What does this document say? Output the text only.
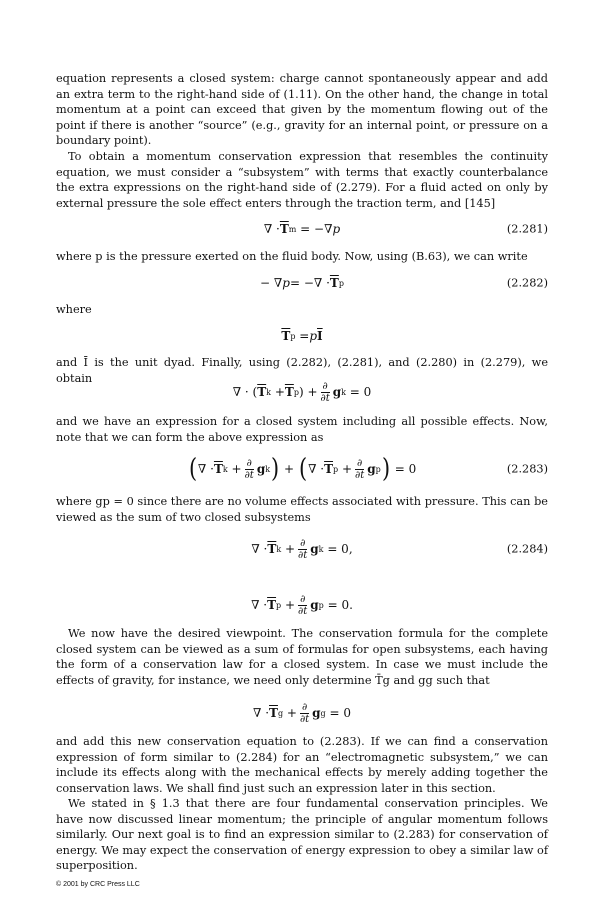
equation represents a closed system: charge cannot spontaneously appear and add an extra term to the right-hand side of (1.11). On the other hand, the change in total momentum at a point can exceed that given by the momentum flowing out of the point if there is another “source” (e.g., gravity for an internal point, or pressure on a boundary point).

To obtain a momentum conservation expression that resembles the continuity equation, we must consider a “subsystem” with terms that exactly counterbalance the extra expressions on the right-hand side of (2.279). For a fluid acted on only by external pressure the sole effect enters through the traction term, and [145]

∇ · $\overline{T}$ m = −∇ p	(2.281)

where p is the pressure exerted on the fluid body. Now, using (B.63), we can write

− ∇ p = −∇ · $\overline{T}$ p	(2.282)

where

$\overline{T}$ p = p $\overline{I}$

and Ī is the unit dyad. Finally, using (2.282), (2.281), and (2.280) in (2.279), we obtain

∇ · ( $\overline{T}$ $k + \overline{T}$ p ) + $\frac{\partial}{\partial t}$ g k = 0

and we have an expression for a closed system including all possible effects. Now, note that we can form the above expression as

( ∇ · $\overline{T}$ $k + \frac{\partial}{\partial t}$ g k ) + ( ∇ · $\overline{T}$ $p + \frac{\partial}{\partial t}$ g p ) = 0	(2.283)

where gp = 0 since there are no volume effects associated with pressure. This can be viewed as the sum of two closed subsystems

∇ · $\overline{T}$ $k + \frac{\partial}{\partial t}$ g k = 0,	(2.284)
∇ · $\overline{T}$ $p + \frac{\partial}{\partial t}$ g p = 0.

We now have the desired viewpoint. The conservation formula for the complete closed system can be viewed as a sum of formulas for open subsystems, each having the form of a conservation law for a closed system. In case we must include the effects of gravity, for instance, we need only determine T̄g and gg such that

∇ · $\overline{T}$ $g + \frac{\partial}{\partial t}$ g g = 0

and add this new conservation equation to (2.283). If we can find a conservation expression of form similar to (2.284) for an “electromagnetic subsystem,” we can include its effects along with the mechanical effects by merely adding together the conservation laws. We shall find just such an expression later in this section.

We stated in § 1.3 that there are four fundamental conservation principles. We have now discussed linear momentum; the principle of angular momentum follows similarly. Our next goal is to find an expression similar to (2.283) for conservation of energy. We may expect the conservation of energy expression to obey a similar law of superposition.

© 2001 by CRC Press LLC
